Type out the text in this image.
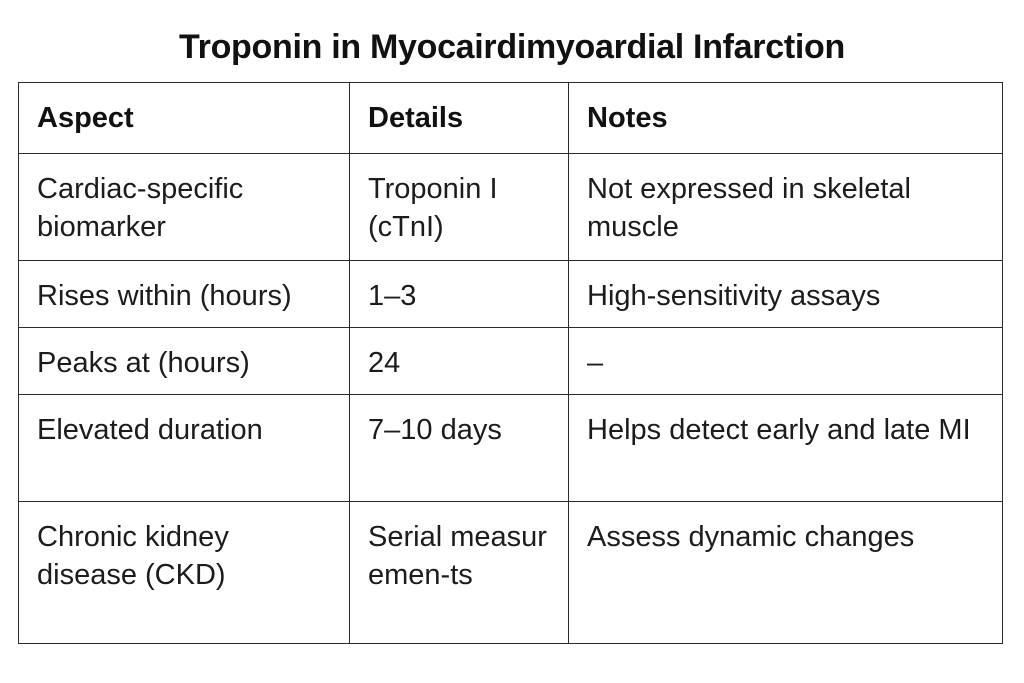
Troponin in Myocairdimyoardial Infarction
Aspect	Details	Notes
Cardiac-specific biomarker	Troponin I (cTnI)	Not expressed in skeletal muscle
Rises within (hours)	1–3	High-sensitivity assays
Peaks at (hours)	24	–
Elevated duration	7–10 days	Helps detect early and late MI
Chronic kidney disease (CKD)	Serial measuremen-ts	Assess dynamic changes
